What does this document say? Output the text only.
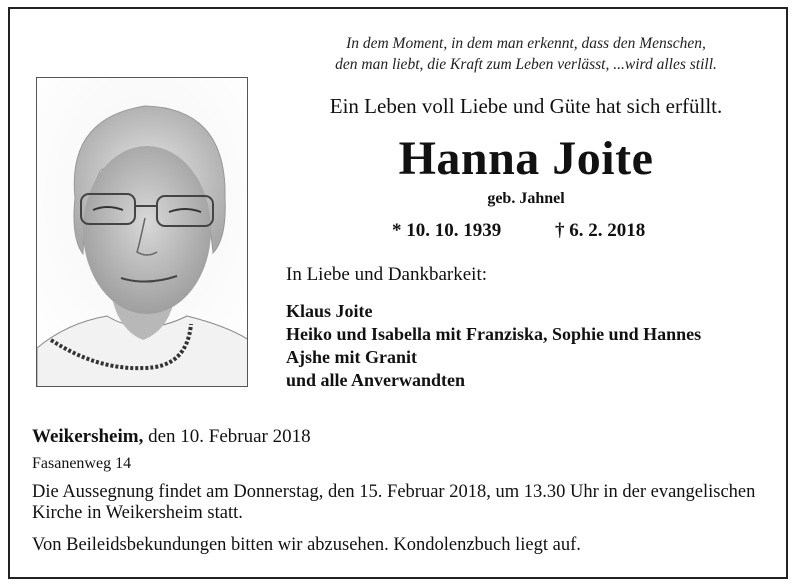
In dem Moment, in dem man erkennt, dass den Menschen,
den man liebt, die Kraft zum Leben verlässt, ...wird alles still.
Ein Leben voll Liebe und Güte hat sich erfüllt.
Hanna Joite
geb. Jahnel
* 10. 10. 1939	† 6. 2. 2018
In Liebe und Dankbarkeit:
Klaus Joite
Heiko und Isabella mit Franziska, Sophie und Hannes
Ajshe mit Granit
und alle Anverwandten
Weikersheim, den 10. Februar 2018
Fasanenweg 14
Die Aussegnung findet am Donnerstag, den 15. Februar 2018, um 13.30 Uhr in der evangelischen Kirche in Weikersheim statt.
Von Beileidsbekundungen bitten wir abzusehen. Kondolenzbuch liegt auf.
